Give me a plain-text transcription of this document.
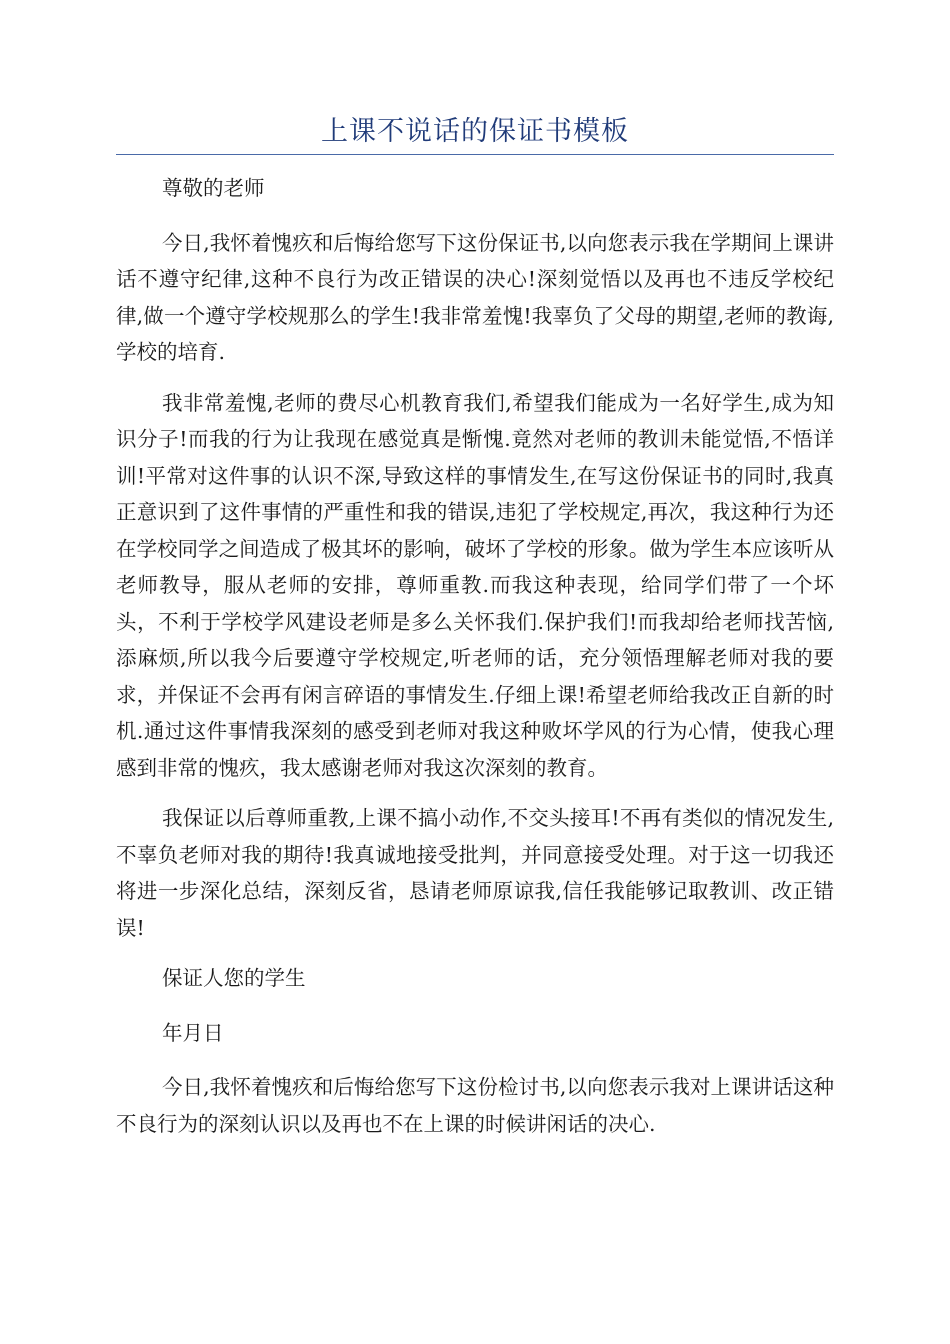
上课不说话的保证书模板

尊敬的老师

今日,我怀着愧疚和后悔给您写下这份保证书,以向您表示我在学期间上课讲话不遵守纪律,这种不良行为改正错误的决心!深刻觉悟以及再也不违反学校纪律,做一个遵守学校规那么的学生!我非常羞愧!我辜负了父母的期望,老师的教诲,学校的培育.

我非常羞愧,老师的费尽心机教育我们,希望我们能成为一名好学生,成为知识分子!而我的行为让我现在感觉真是惭愧.竟然对老师的教训未能觉悟,不悟详训!平常对这件事的认识不深,导致这样的事情发生,在写这份保证书的同时,我真正意识到了这件事情的严重性和我的错误,违犯了学校规定,再次，我这种行为还在学校同学之间造成了极其坏的影响，破坏了学校的形象。做为学生本应该听从老师教导，服从老师的安排，尊师重教.而我这种表现，给同学们带了一个坏头，不利于学校学风建设老师是多么关怀我们.保护我们!而我却给老师找苦恼,添麻烦,所以我今后要遵守学校规定,听老师的话，充分领悟理解老师对我的要求，并保证不会再有闲言碎语的事情发生.仔细上课!希望老师给我改正自新的时机.通过这件事情我深刻的感受到老师对我这种败坏学风的行为心情，使我心理感到非常的愧疚，我太感谢老师对我这次深刻的教育。

我保证以后尊师重教,上课不搞小动作,不交头接耳!不再有类似的情况发生,不辜负老师对我的期待!我真诚地接受批判，并同意接受处理。对于这一切我还将进一步深化总结，深刻反省，恳请老师原谅我,信任我能够记取教训、改正错误!

保证人您的学生

年月日

今日,我怀着愧疚和后悔给您写下这份检讨书,以向您表示我对上课讲话这种不良行为的深刻认识以及再也不在上课的时候讲闲话的决心.
